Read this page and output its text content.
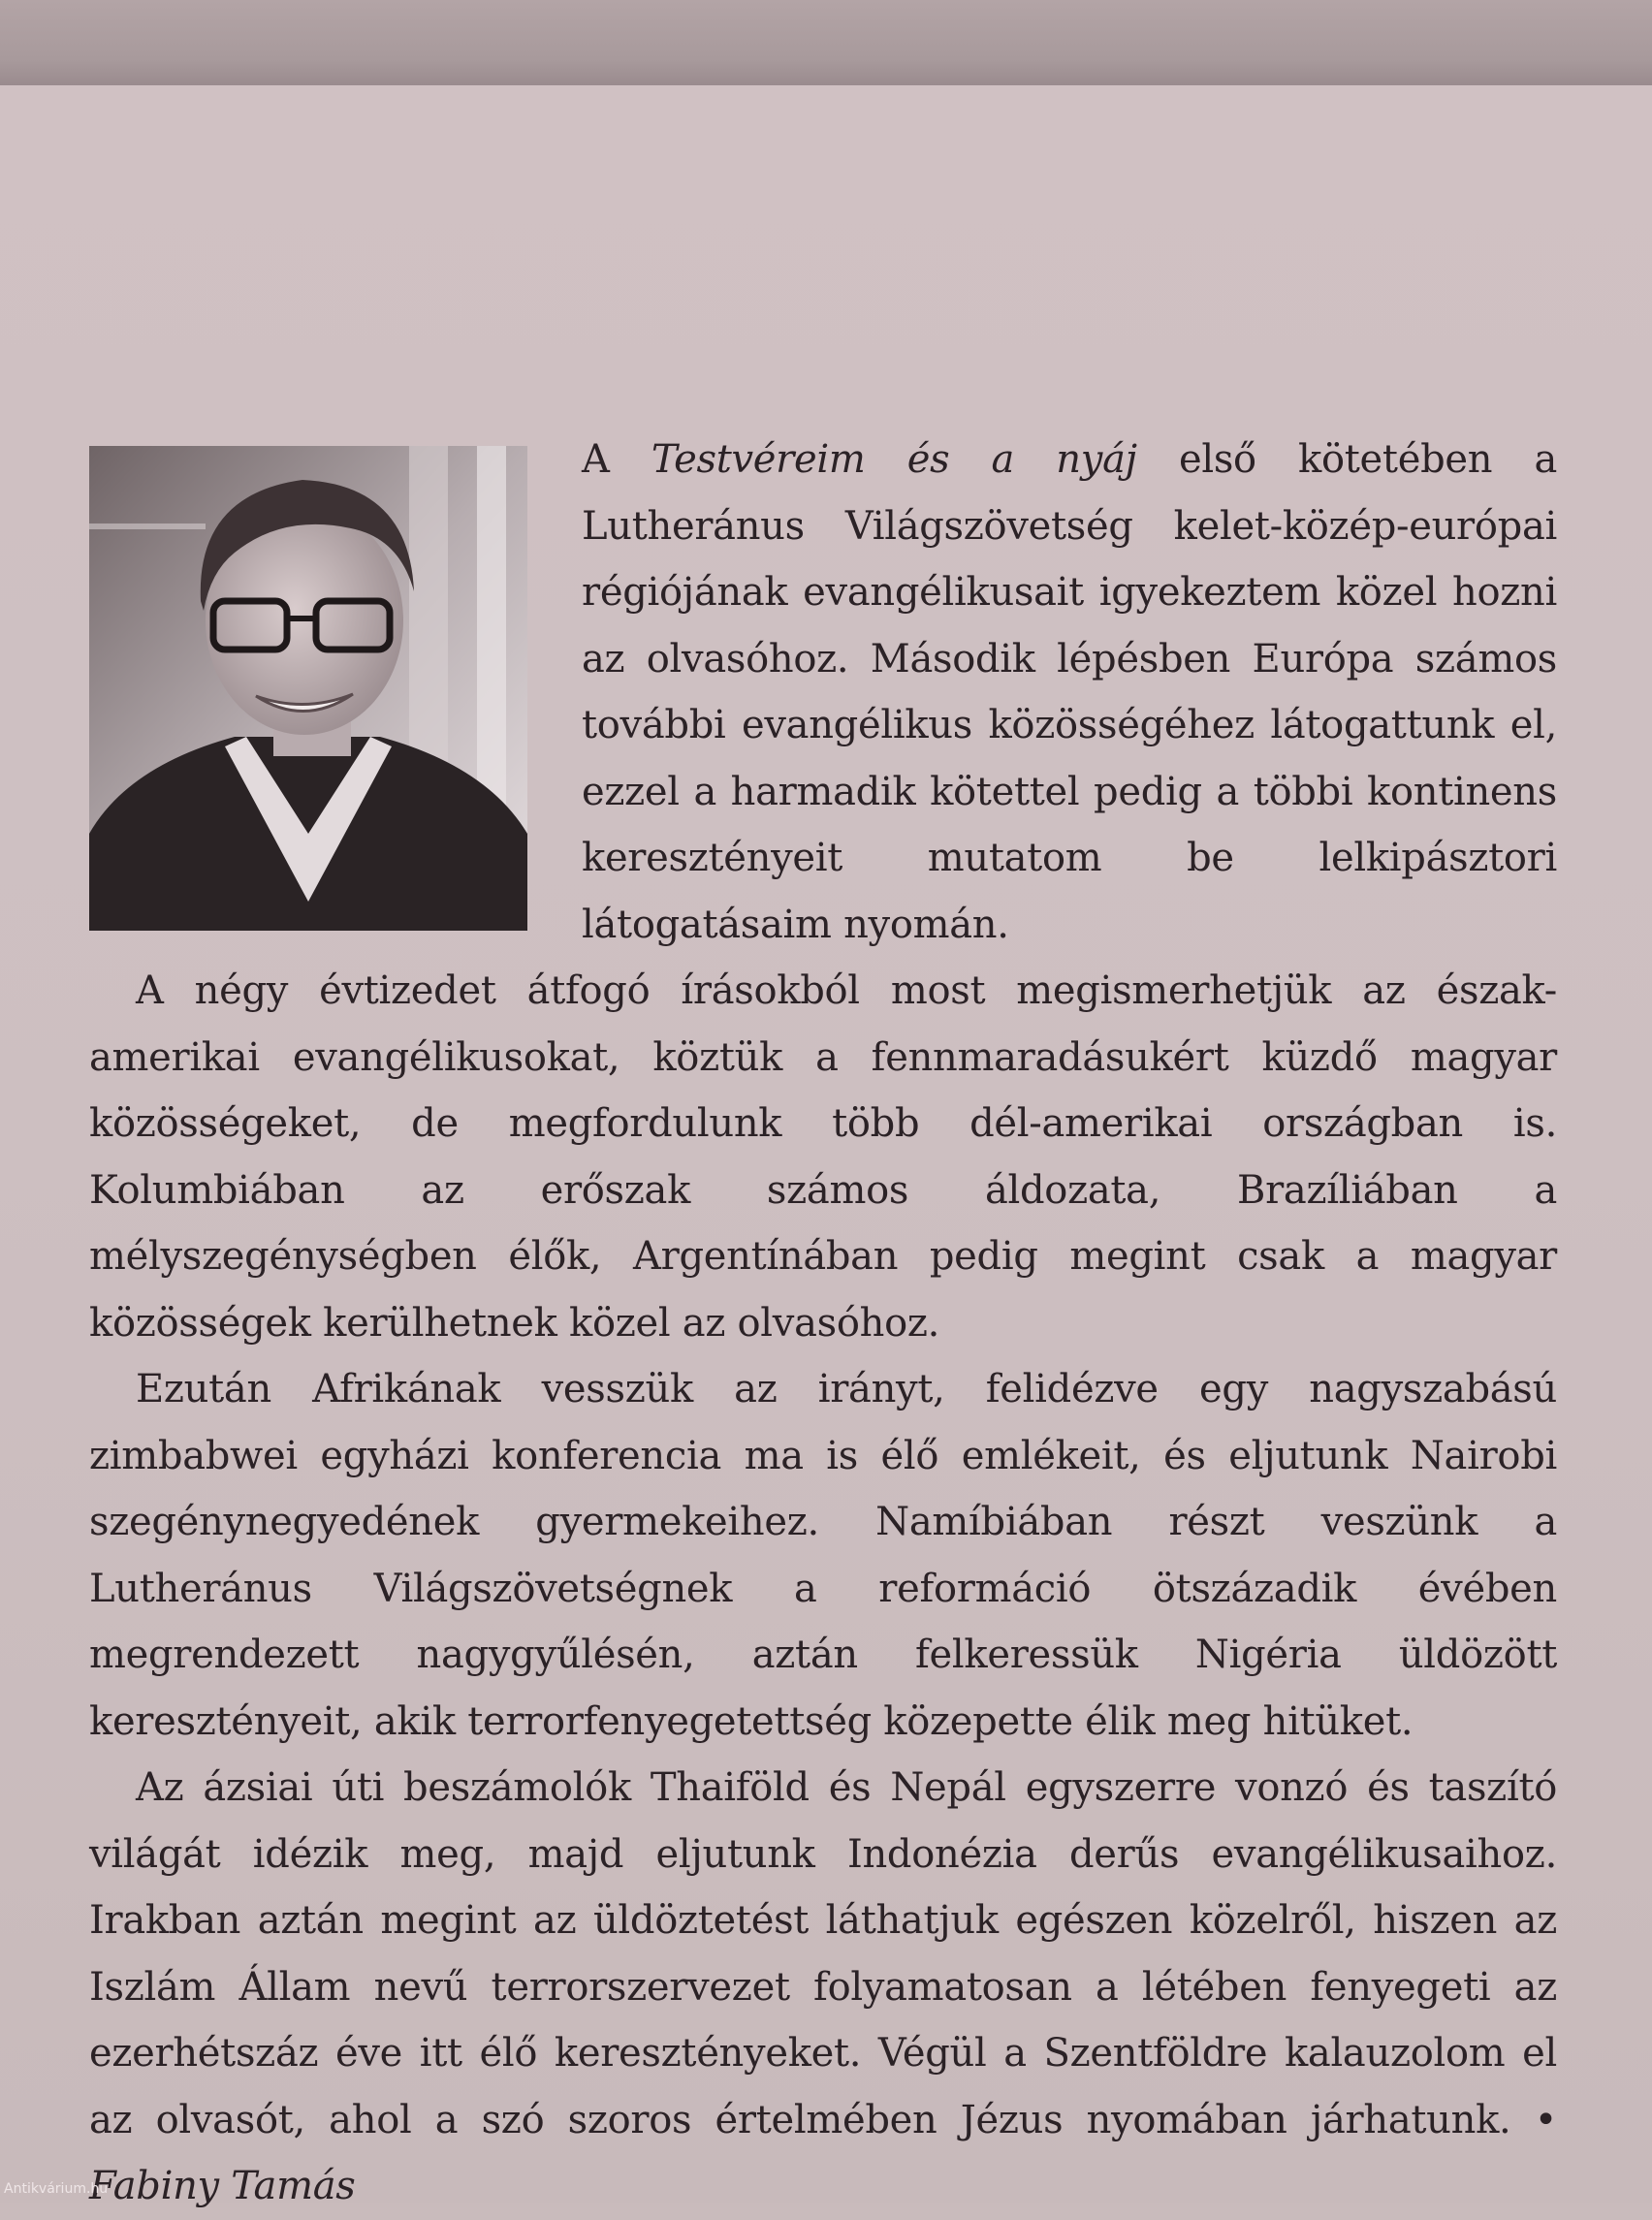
A Testvéreim és a nyáj első kötetében a Lutheránus Világszövetség kelet-közép-európai régiójának evangélikusait igyekeztem közel hozni az olvasóhoz. Második lépésben Európa számos további evangélikus közösségéhez látogattunk el, ezzel a harmadik kötettel pedig a többi kontinens keresztényeit mutatom be lelkipásztori látogatásaim nyomán.

A négy évtizedet átfogó írásokból most megismerhetjük az észak-amerikai evangélikusokat, köztük a fennmaradásukért küzdő magyar közösségeket, de megfordulunk több dél-amerikai országban is. Kolumbiában az erőszak számos áldozata, Brazíliában a mélyszegénységben élők, Argentínában pedig megint csak a magyar közösségek kerülhetnek közel az olvasóhoz.

Ezután Afrikának vesszük az irányt, felidézve egy nagyszabású zimbabwei egyházi konferencia ma is élő emlékeit, és eljutunk Nairobi szegénynegyedének gyermekeihez. Namíbiában részt veszünk a Lutheránus Világszövetségnek a reformáció ötszázadik évében megrendezett nagygyűlésén, aztán felkeressük Nigéria üldözött keresztényeit, akik terrorfenyegetettség közepette élik meg hitüket.

Az ázsiai úti beszámolók Thaiföld és Nepál egyszerre vonzó és taszító világát idézik meg, majd eljutunk Indonézia derűs evangélikusaihoz. Irakban aztán megint az üldöztetést láthatjuk egészen közelről, hiszen az Iszlám Állam nevű terrorszervezet folyamatosan a létében fenyegeti az ezerhétszáz éve itt élő keresztényeket. Végül a Szentföldre kalauzolom el az olvasót, ahol a szó szoros értelmében Jézus nyomában járhatunk. • Fabiny Tamás

Antikvárium.hu
